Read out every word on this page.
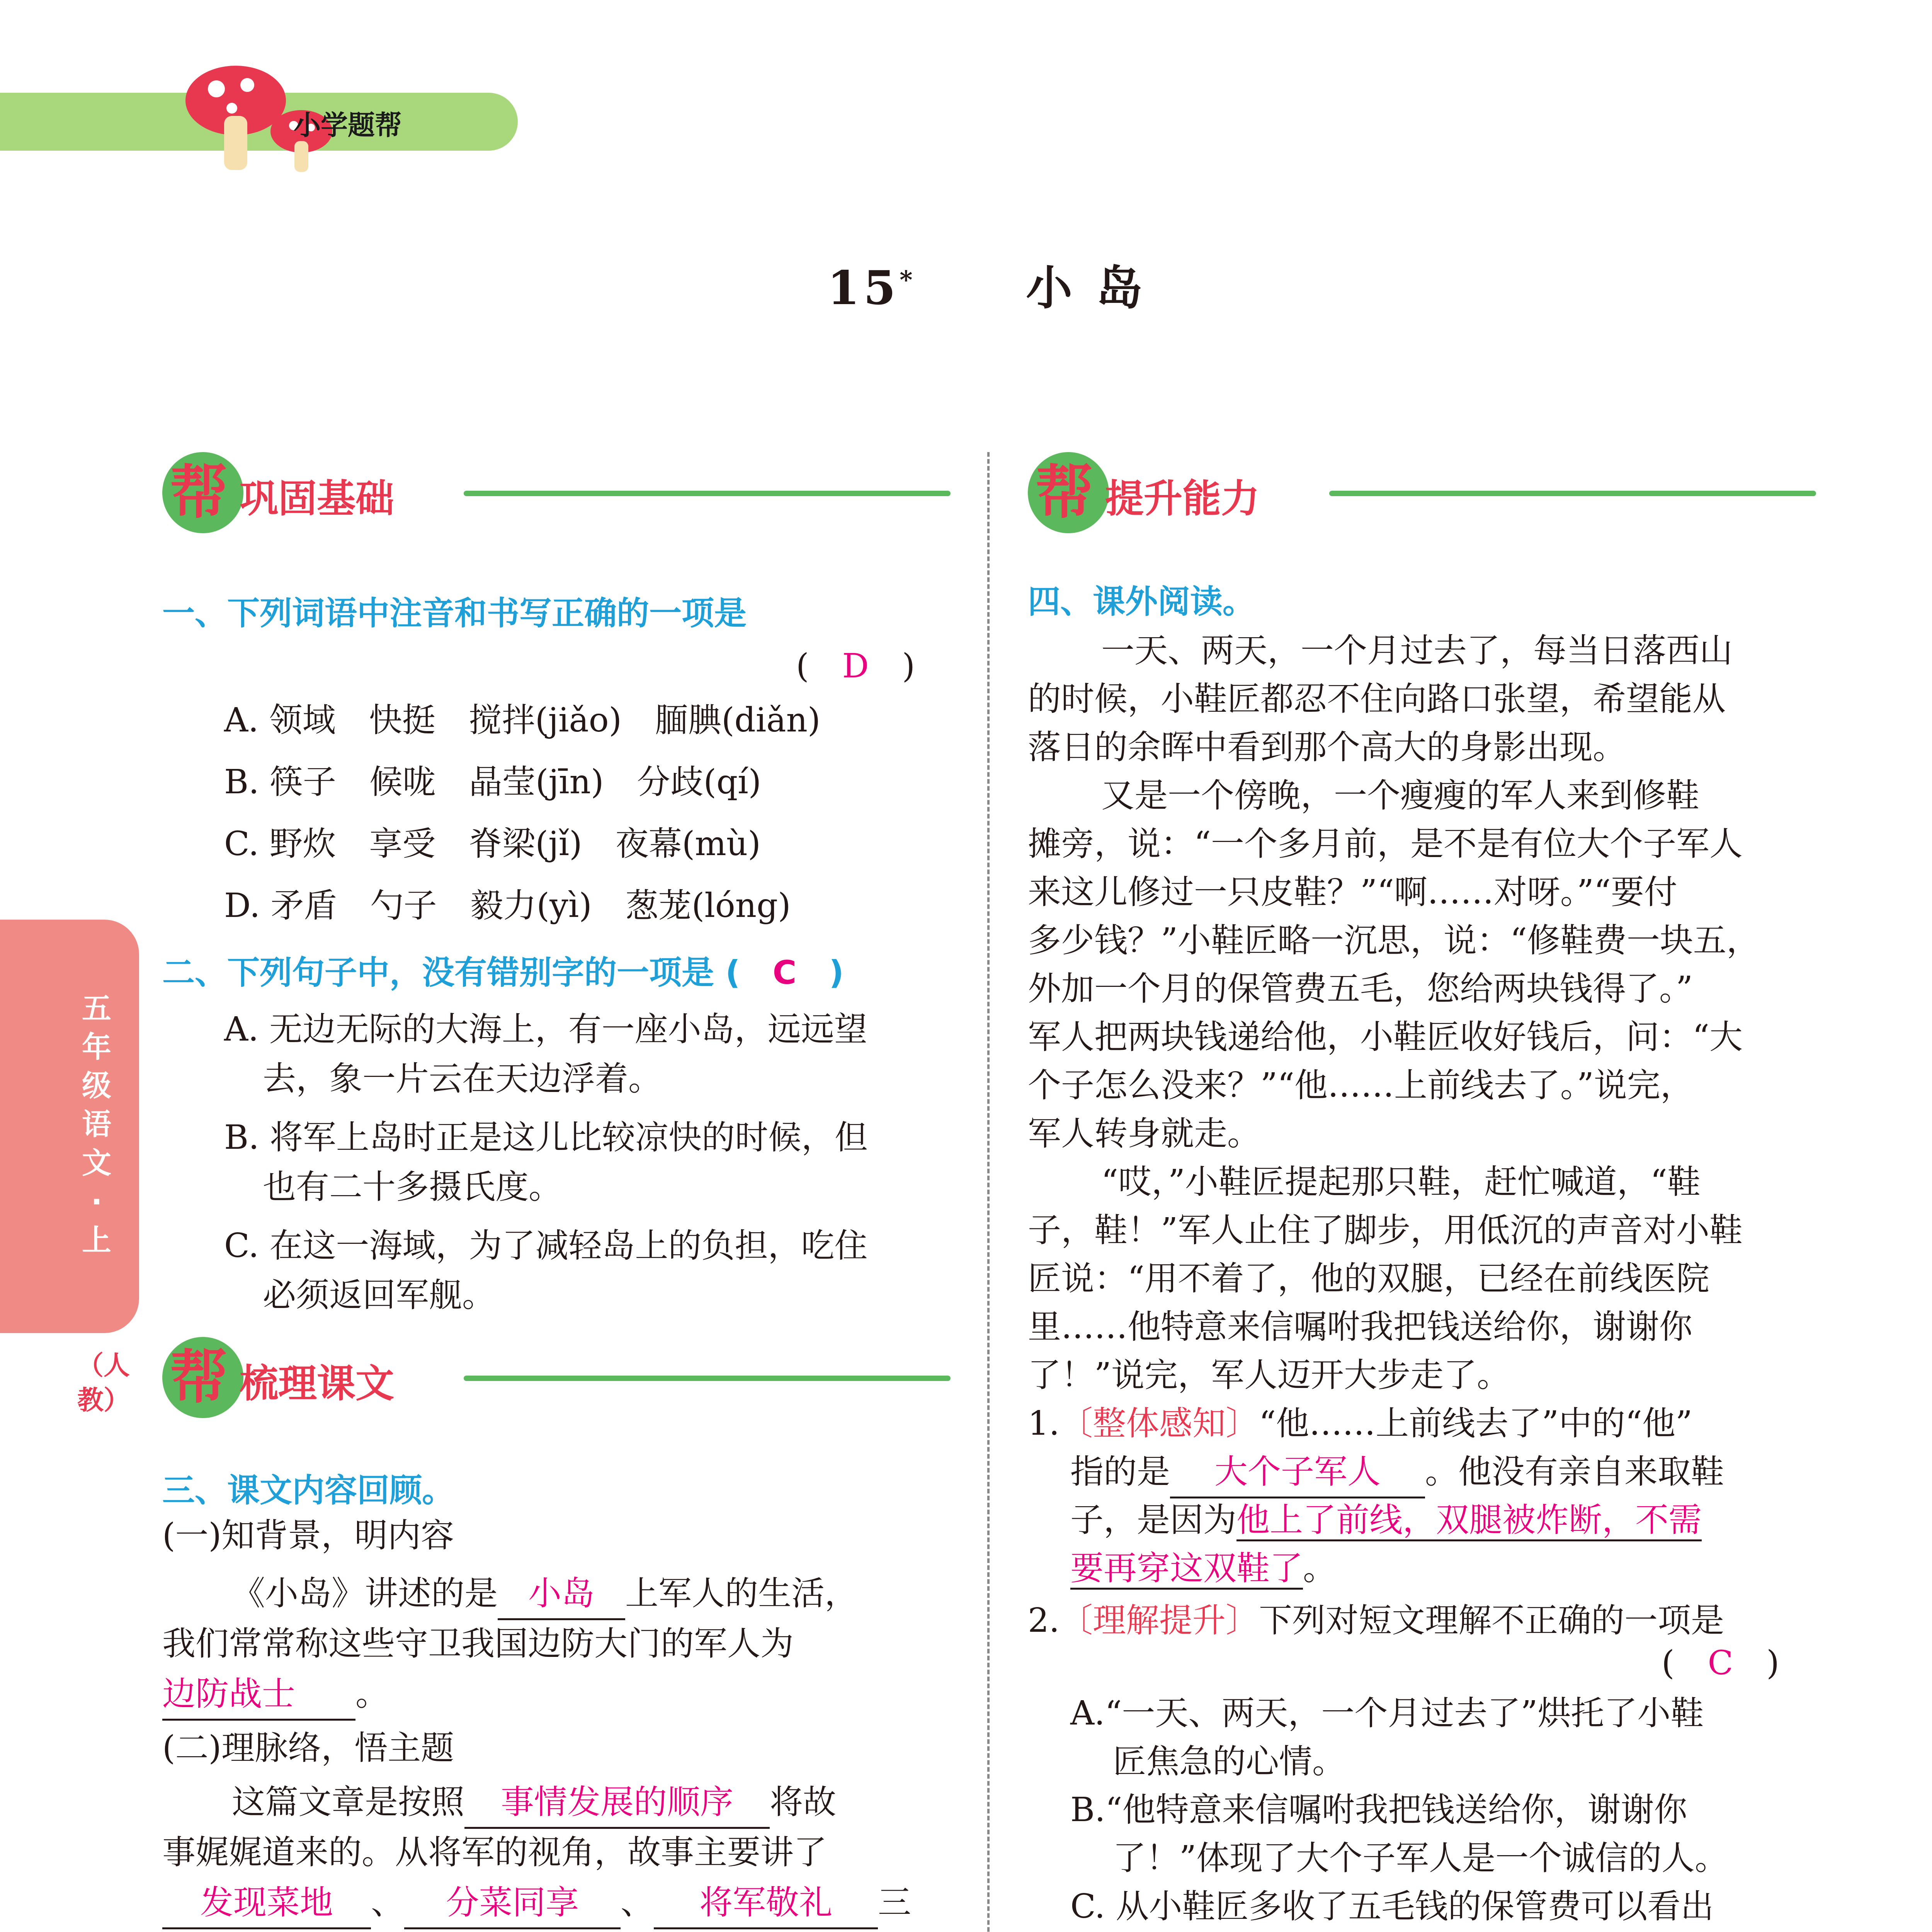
小学题帮
15* 小 岛
五年级语文·上
（人教）
帮 巩固基础
一、下列词语中注音和书写正确的一项是
(　D　)
A. 领域　 快挺　 搅拌(jiǎo)　 腼腆(diǎn)
B. 筷子　 候咙　 晶莹(jīn)　 分歧(qí)
C. 野炊　 享受　 脊梁(jǐ)　 夜幕(mù)
D. 矛盾　 勺子　 毅力(yì)　 葱茏(lóng)
二、下列句子中，没有错别字的一项是 (　C　)
A. 无边无际的大海上，有一座小岛，远远望
去，象一片云在天边浮着。
B. 将军上岛时正是这儿比较凉快的时候，但
也有二十多摄氏度。
C. 在这一海域，为了减轻岛上的负担，吃住
必须返回军舰。
帮 梳理课文
三、课文内容回顾。
(一)知背景，明内容
《小岛》讲述的是 小岛 上军人的生活，
我们常常称这些守卫我国边防大门的军人为
边防战士 。
(二)理脉络，悟主题
这篇文章是按照 事情发展的顺序 将故
事娓娓道来的。从将军的视角，故事主要讲了
发现菜地 、 分菜同享 、 将军敬礼 三

帮 提升能力
四、课外阅读。
一天、两天，一个月过去了，每当日落西山
的时候，小鞋匠都忍不住向路口张望，希望能从
落日的余晖中看到那个高大的身影出现。
又是一个傍晚，一个瘦瘦的军人来到修鞋
摊旁，说：“一个多月前，是不是有位大个子军人
来这儿修过一只皮鞋？”“啊……对呀。”“要付
多少钱？”小鞋匠略一沉思，说：“修鞋费一块五，
外加一个月的保管费五毛，您给两块钱得了。”
军人把两块钱递给他，小鞋匠收好钱后，问：“大
个子怎么没来？”“他……上前线去了。”说完，
军人转身就走。
“哎，”小鞋匠提起那只鞋，赶忙喊道，“鞋
子，鞋！”军人止住了脚步，用低沉的声音对小鞋
匠说：“用不着了，他的双腿，已经在前线医院
里……他特意来信嘱咐我把钱送给你，谢谢你
了！”说完，军人迈开大步走了。
1.〔整体感知〕“他……上前线去了”中的“他”
指的是 大个子军人 。他没有亲自来取鞋
子，是因为他上了前线，双腿被炸断，不需
要再穿这双鞋了。
2.〔理解提升〕下列对短文理解不正确的一项是
(　C　)
A.“一天、两天，一个月过去了”烘托了小鞋
匠焦急的心情。
B.“他特意来信嘱咐我把钱送给你，谢谢你
了！”体现了大个子军人是一个诚信的人。
C. 从小鞋匠多收了五毛钱的保管费可以看出
